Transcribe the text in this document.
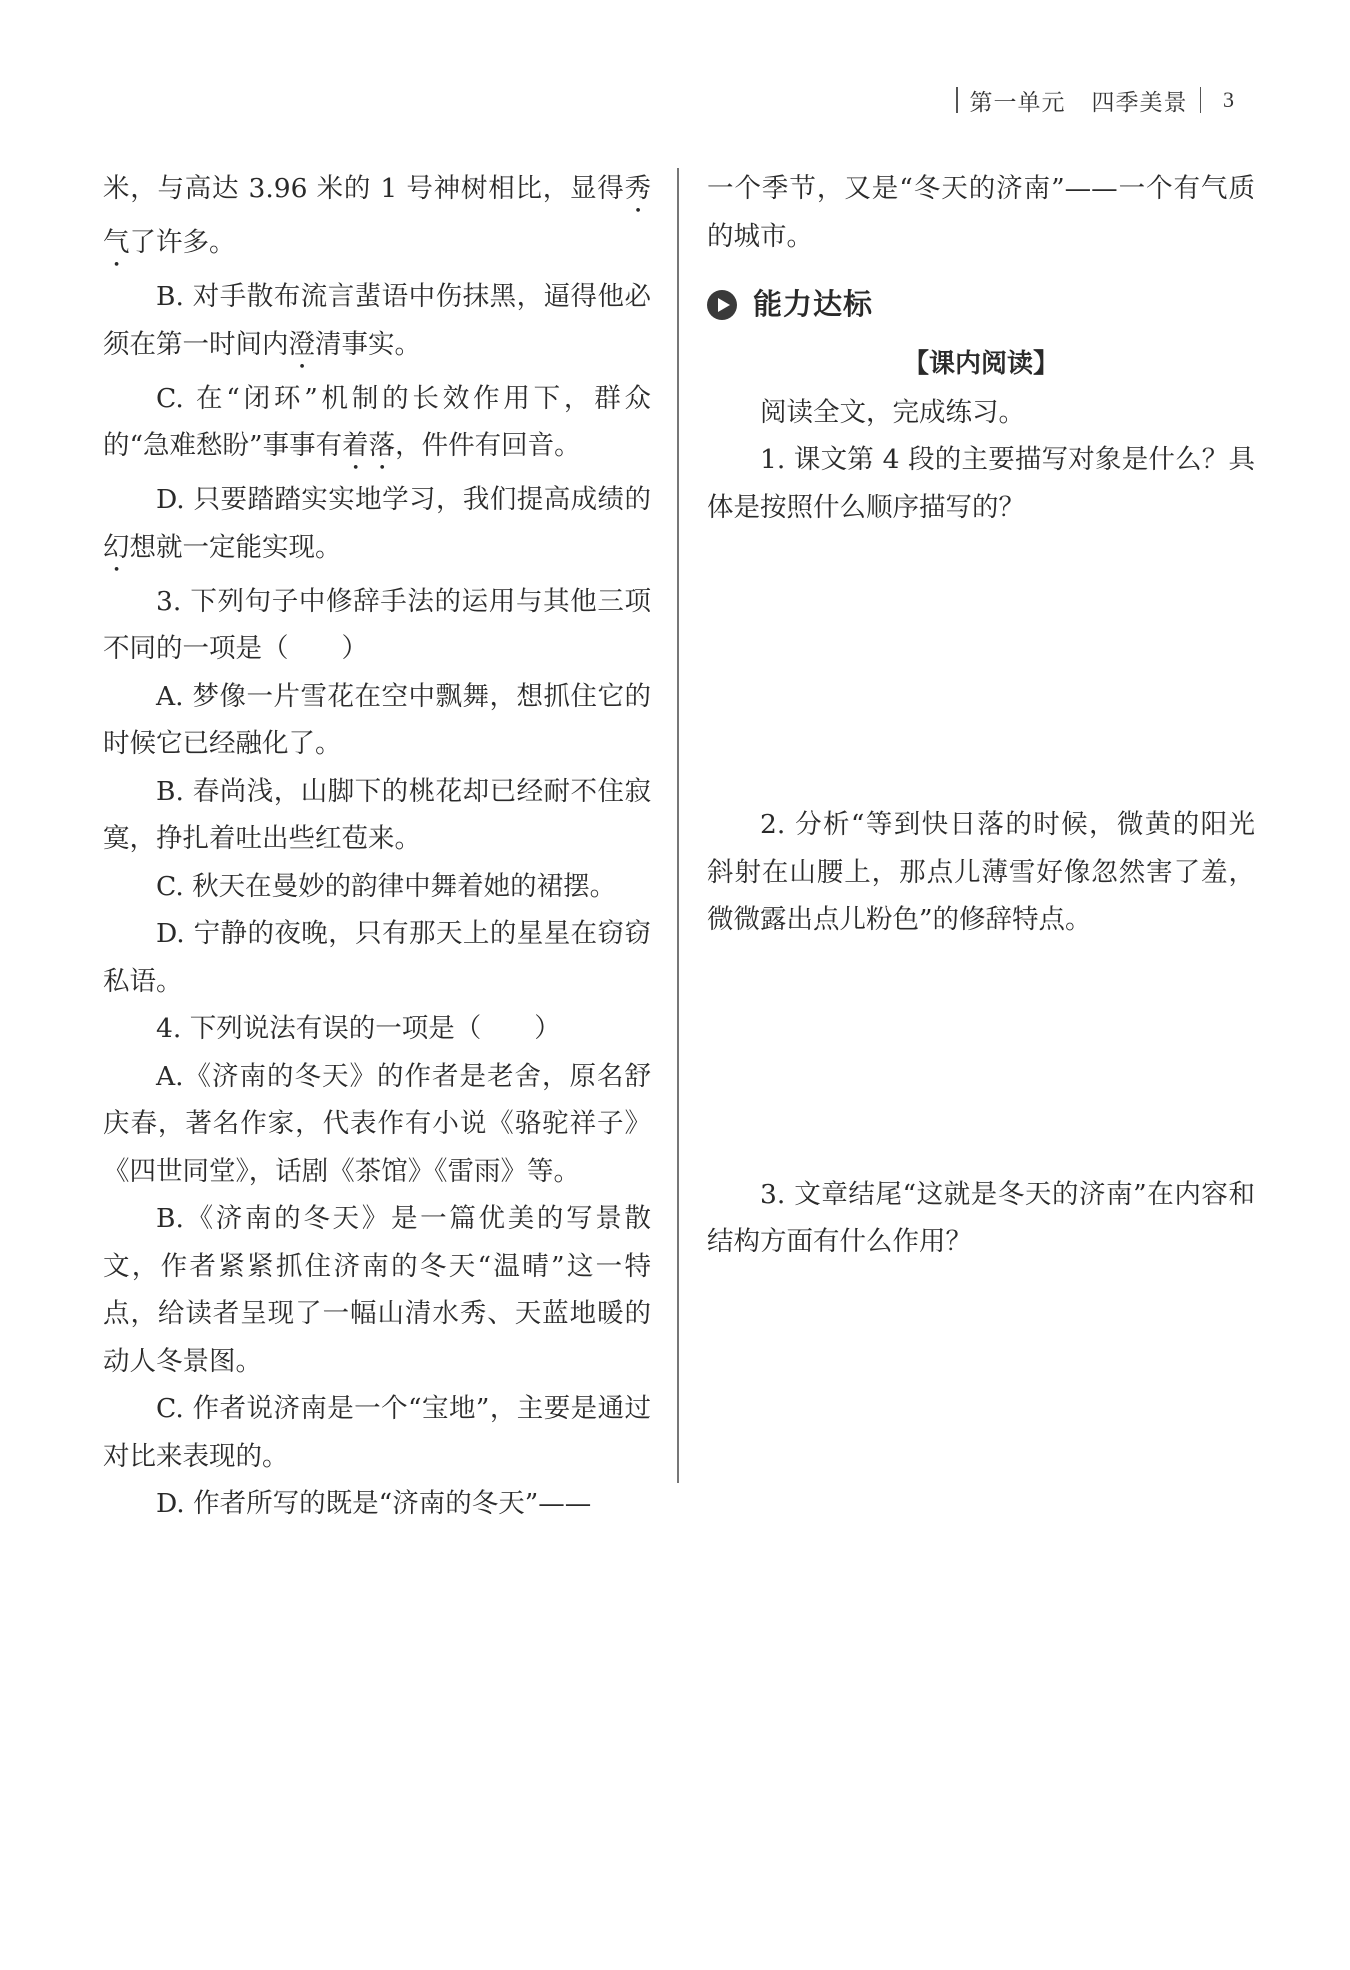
第一单元 四季美景 3

米，与高达 3.96 米的 1 号神树相比，显得秀气了许多。

B. 对手散布流言蜚语中伤抹黑，逼得他必须在第一时间内澄清事实。

C. 在“闭环”机制的长效作用下，群众的“急难愁盼”事事有着落，件件有回音。

D. 只要踏踏实实地学习，我们提高成绩的幻想就一定能实现。

3. 下列句子中修辞手法的运用与其他三项不同的一项是（　　）

A. 梦像一片雪花在空中飘舞，想抓住它的时候它已经融化了。

B. 春尚浅，山脚下的桃花却已经耐不住寂寞，挣扎着吐出些红苞来。

C. 秋天在曼妙的韵律中舞着她的裙摆。

D. 宁静的夜晚，只有那天上的星星在窃窃私语。

4. 下列说法有误的一项是（　　）

A.《济南的冬天》的作者是老舍，原名舒庆春，著名作家，代表作有小说《骆驼祥子》《四世同堂》，话剧《茶馆》《雷雨》等。

B.《济南的冬天》是一篇优美的写景散文，作者紧紧抓住济南的冬天“温晴”这一特点，给读者呈现了一幅山清水秀、天蓝地暖的动人冬景图。

C. 作者说济南是一个“宝地”，主要是通过对比来表现的。

D. 作者所写的既是“济南的冬天”——

一个季节，又是“冬天的济南”——一个有气质的城市。

能力达标
【课内阅读】

阅读全文，完成练习。

1. 课文第 4 段的主要描写对象是什么？具体是按照什么顺序描写的？

2. 分析“等到快日落的时候，微黄的阳光斜射在山腰上，那点儿薄雪好像忽然害了羞，微微露出点儿粉色”的修辞特点。

3. 文章结尾“这就是冬天的济南”在内容和结构方面有什么作用？
